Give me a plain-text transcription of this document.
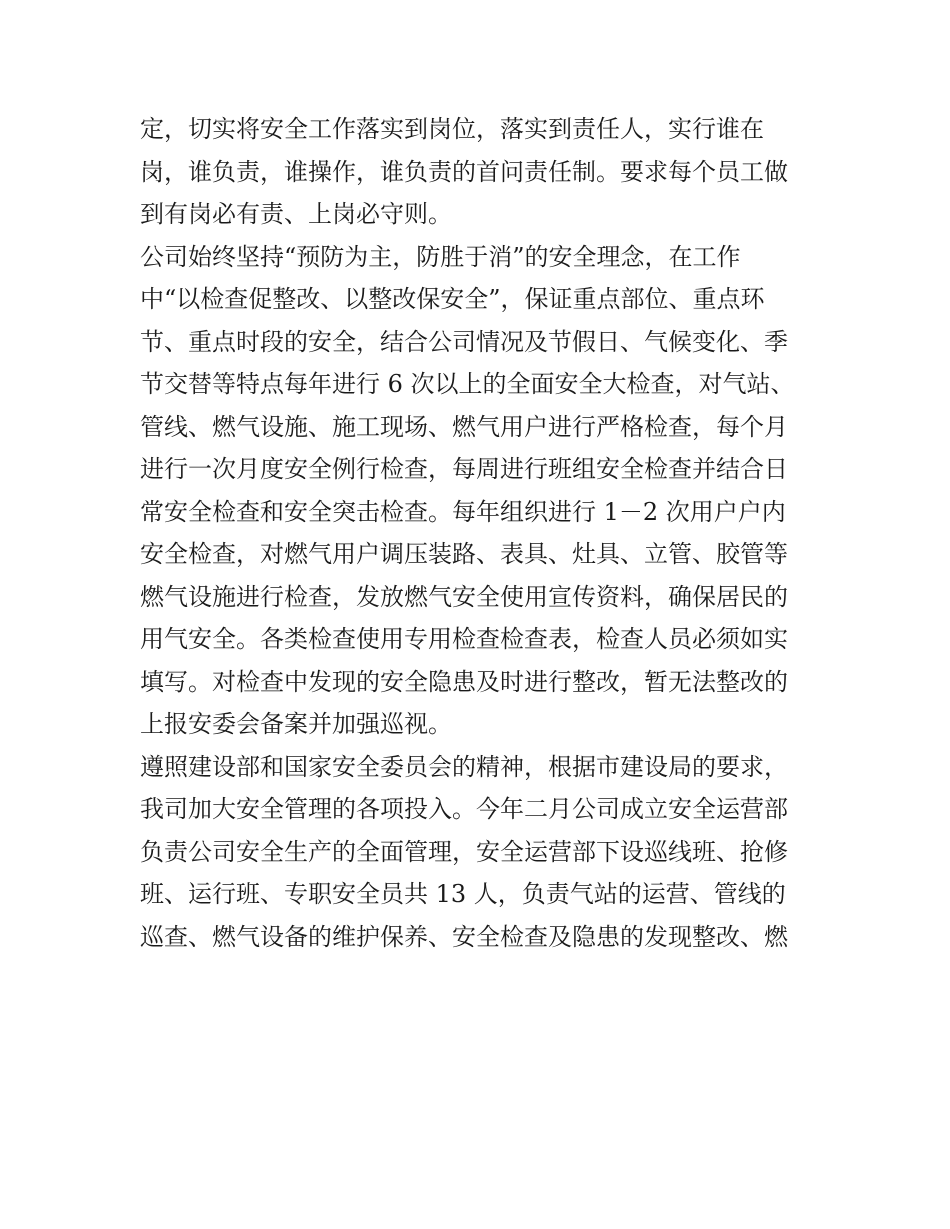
定，切实将安全工作落实到岗位，落实到责任人，实行谁在
岗，谁负责，谁操作，谁负责的首问责任制。要求每个员工做
到有岗必有责、上岗必守则。
公司始终坚持“预防为主，防胜于消”的安全理念，在工作
中“以检查促整改、以整改保安全”，保证重点部位、重点环
节、重点时段的安全，结合公司情况及节假日、气候变化、季
节交替等特点每年进行 6 次以上的全面安全大检查，对气站、
管线、燃气设施、施工现场、燃气用户进行严格检查，每个月
进行一次月度安全例行检查，每周进行班组安全检查并结合日
常安全检查和安全突击检查。每年组织进行 1－2 次用户户内
安全检查，对燃气用户调压装路、表具、灶具、立管、胶管等
燃气设施进行检查，发放燃气安全使用宣传资料，确保居民的
用气安全。各类检查使用专用检查检查表，检查人员必须如实
填写。对检查中发现的安全隐患及时进行整改，暂无法整改的
上报安委会备案并加强巡视。
遵照建设部和国家安全委员会的精神，根据市建设局的要求，
我司加大安全管理的各项投入。今年二月公司成立安全运营部
负责公司安全生产的全面管理，安全运营部下设巡线班、抢修
班、运行班、专职安全员共 13 人，负责气站的运营、管线的
巡查、燃气设备的维护保养、安全检查及隐患的发现整改、燃
